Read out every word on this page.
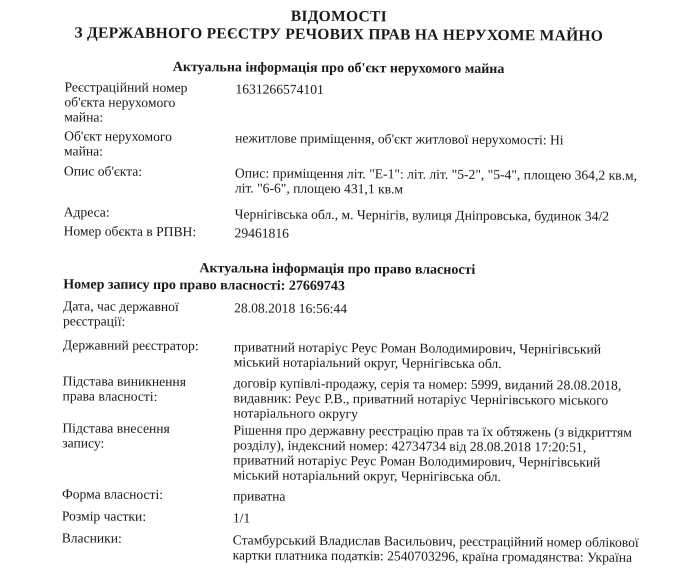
ВІДОМОСТІ
З ДЕРЖАВНОГО РЕЄСТРУ РЕЧОВИХ ПРАВ НА НЕРУХОМЕ МАЙНО
Актуальна інформація про об'єкт нерухомого майна
Реєстраційний номер
об'єкта нерухомого
майна:
1631266574101
Об'єкт нерухомого
майна:
нежитлове приміщення, об'єкт житлової нерухомості: Ні
Опис об'єкта:	Опис: приміщення літ. "Е-1": літ. літ. "5-2", "5-4", площею 364,2 кв.м,
літ. "6-6", площею 431,1 кв.м
Адреса:	Чернігівська обл., м. Чернігів, вулиця Дніпровська, будинок 34/2
Номер обєкта в РПВН:	29461816
Актуальна інформація про право власності
Номер запису про право власності: 27669743
Дата, час державної
реєстрації:
28.08.2018 16:56:44
Державний реєстратор:	приватний нотаріус Реус Роман Володимирович, Чернігівський
міський нотаріальний округ, Чернігівська обл.
Підстава виникнення
права власності:
договір купівлі-продажу, серія та номер: 5999, виданий 28.08.2018,
видавник: Реус Р.В., приватний нотаріус Чернігівського міського
нотаріального округу
Підстава внесення
запису:
Рішення про державну реєстрацію прав та їх обтяжень (з відкриттям
розділу), індексний номер: 42734734 від 28.08.2018 17:20:51,
приватний нотаріус Реус Роман Володимирович, Чернігівський
міський нотаріальний округ, Чернігівська обл.
Форма власності:	приватна
Розмір частки:	1/1
Власники:	Стамбурський Владислав Васильович, реєстраційний номер облікової
картки платника податків: 2540703296, країна громадянства: Україна
